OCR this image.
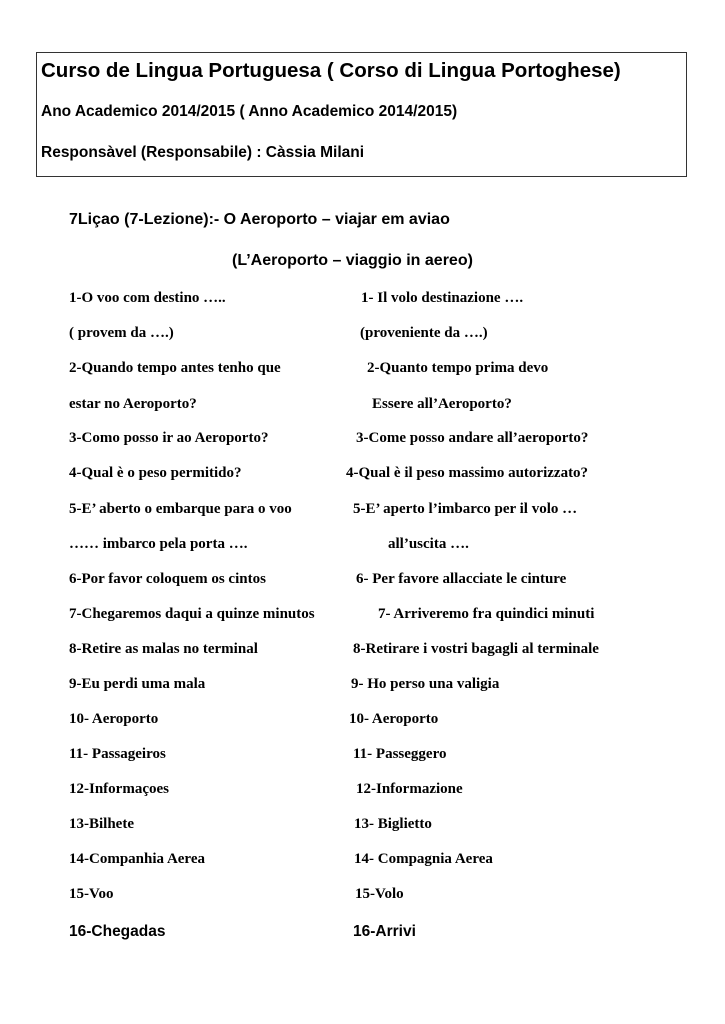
Curso de Lingua Portuguesa ( Corso di Lingua Portoghese)
Ano Academico 2014/2015 ( Anno Academico 2014/2015)
Responsàvel (Responsabile) : Càssia Milani
7Liçao (7-Lezione):- O Aeroporto – viajar em aviao
(L’Aeroporto – viaggio in aereo)
1-O voo com destino …..	1- Il volo destinazione ….
( provem da ….)	(proveniente da ….)
2-Quando tempo antes tenho que	2-Quanto tempo prima devo
estar no Aeroporto?	Essere all’Aeroporto?
3-Como posso ir ao Aeroporto?	3-Come posso andare all’aeroporto?
4-Qual è o peso permitido?	4-Qual è il peso massimo autorizzato?
5-E’ aberto o embarque para o voo	5-E’ aperto l’imbarco per il volo …
…… imbarco pela porta ….	all’uscita ….
6-Por favor coloquem os cintos	6- Per favore allacciate le cinture
7-Chegaremos daqui a quinze minutos	7- Arriveremo fra quindici minuti
8-Retire as malas no terminal	8-Retirare i vostri bagagli al terminale
9-Eu perdi uma mala	9- Ho perso una valigia
10- Aeroporto	10- Aeroporto
11- Passageiros	11- Passeggero
12-Informaçoes	12-Informazione
13-Bilhete	13- Biglietto
14-Companhia Aerea	14- Compagnia Aerea
15-Voo	15-Volo
16-Chegadas	16-Arrivi
